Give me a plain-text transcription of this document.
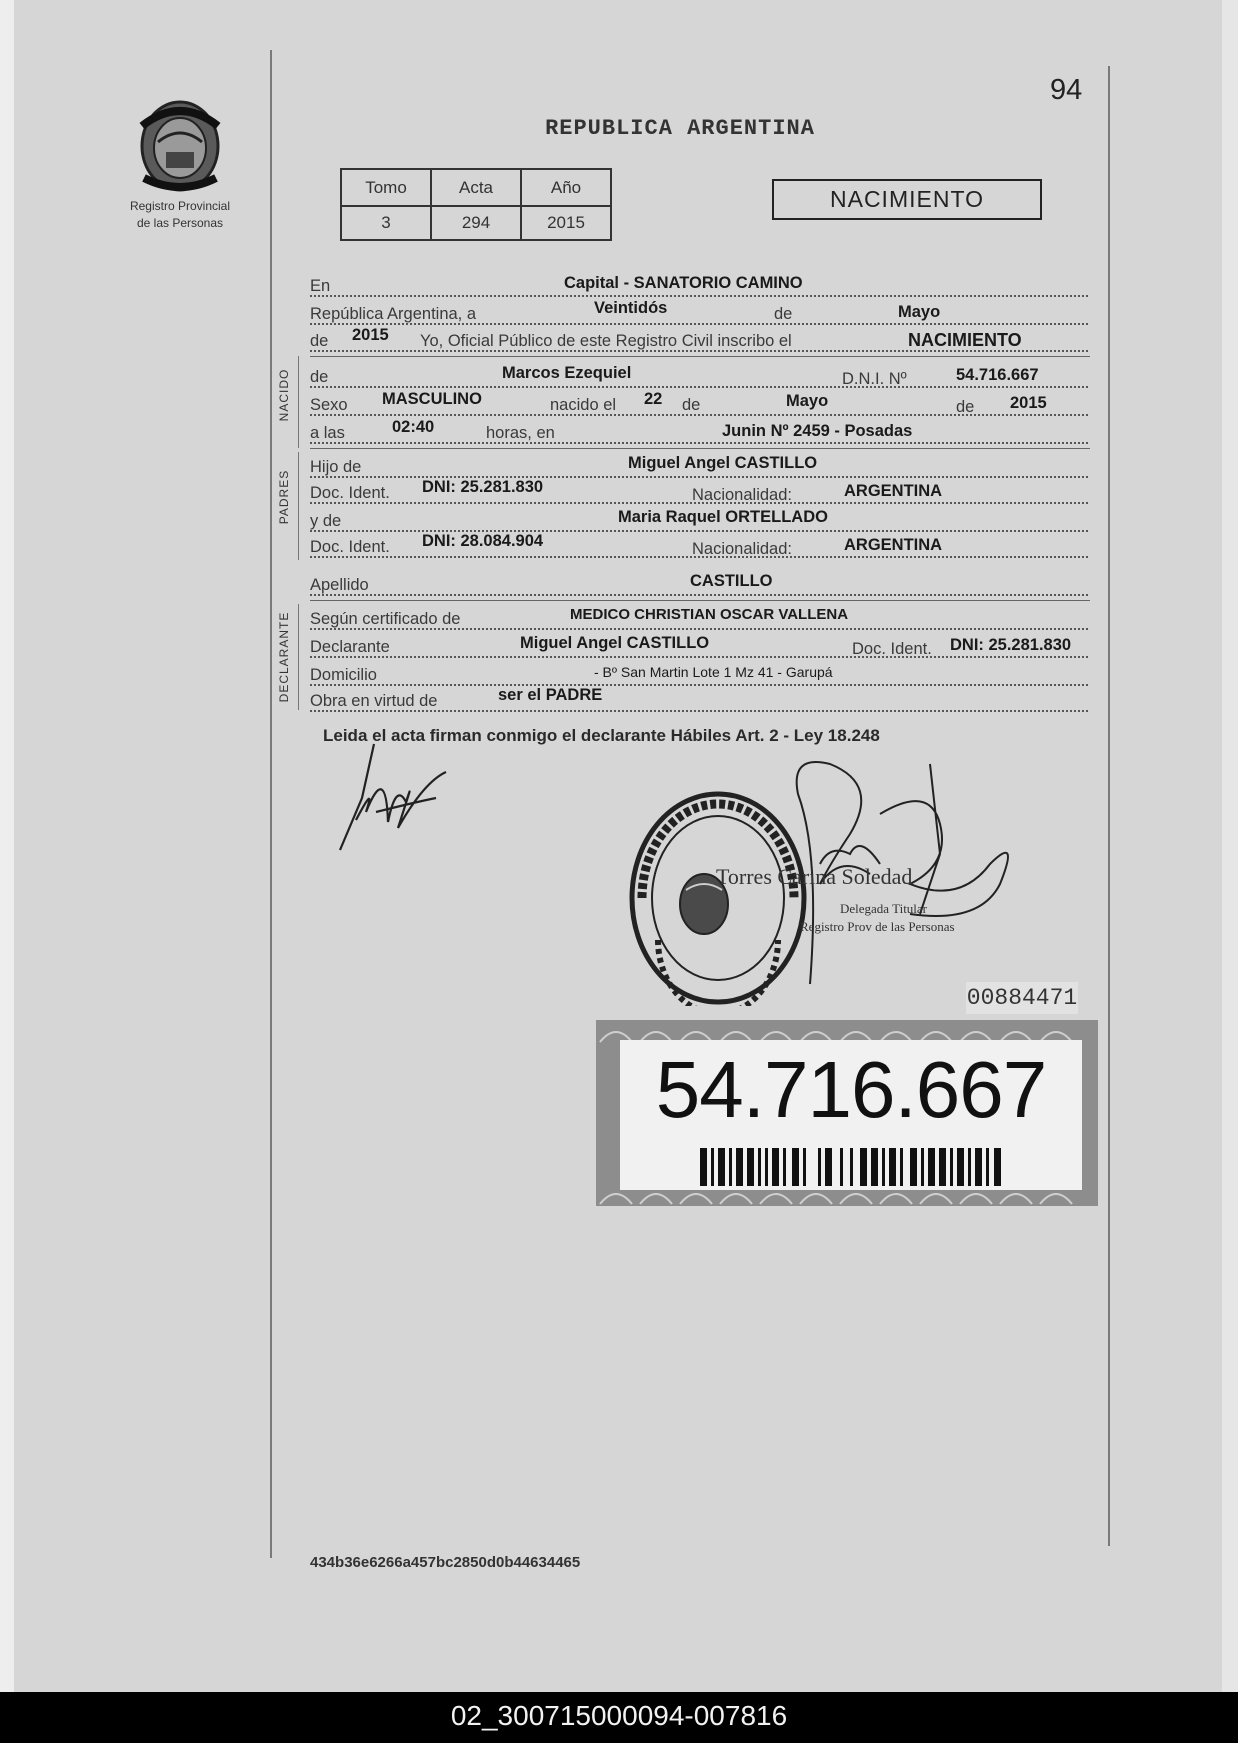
94
Registro Provincial
de las Personas
REPUBLICA ARGENTINA
Tomo	Acta	Año
3	294	2015
NACIMIENTO
En	Capital - SANATORIO CAMINO
República Argentina, a	Veintidós	de	Mayo
de 2015 Yo, Oficial Público de este Registro Civil inscribo el	NACIMIENTO
de	Marcos Ezequiel	D.N.I. Nº	54.716.667
Sexo MASCULINO	nacido el 22 de	Mayo	de 2015
a las	02:40	horas, en	Junin Nº 2459 - Posadas
Hijo de	Miguel Angel CASTILLO
Doc. Ident. DNI: 25.281.830	Nacionalidad:	ARGENTINA
y de	Maria Raquel ORTELLADO
Doc. Ident. DNI: 28.084.904	Nacionalidad:	ARGENTINA
Apellido	CASTILLO
Según certificado de	MEDICO CHRISTIAN OSCAR VALLENA
Declarante	Miguel Angel CASTILLO	Doc. Ident. DNI: 25.281.830
Domicilio	- Bº San Martin Lote 1 Mz 41 - Garupá
Obra en virtud de	ser el PADRE
NACIDO
PADRES
DECLARANTE
Leida el acta firman conmigo el declarante Hábiles Art. 2 - Ley 18.248
Torres Carina Soledad
Delegada Titular
Registro Prov de las Personas
00884471
54.716.667
434b36e6266a457bc2850d0b44634465
02_300715000094-007816
